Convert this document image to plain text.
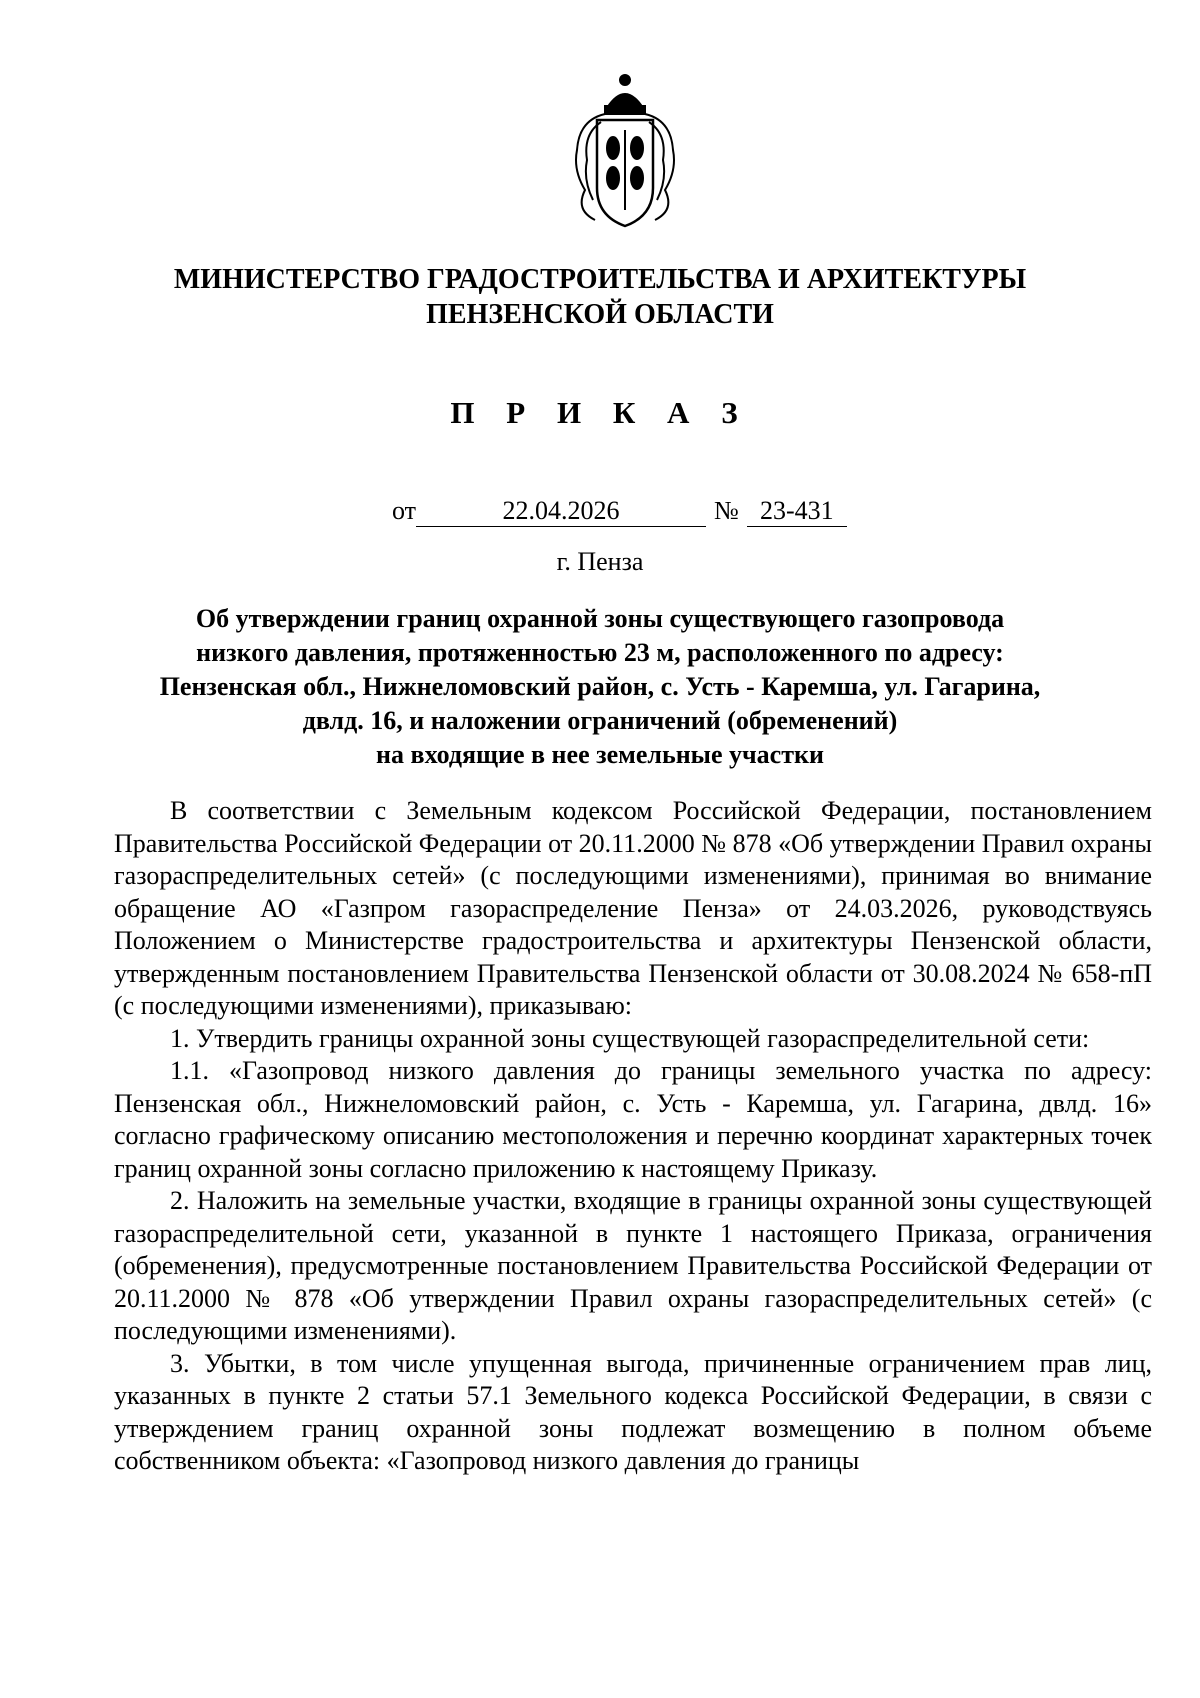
МИНИСТЕРСТВО ГРАДОСТРОИТЕЛЬСТВА И АРХИТЕКТУРЫ
ПЕНЗЕНСКОЙ ОБЛАСТИ
П Р И К А З
от	22.04.2026	№ 23-431
г. Пенза
Об утверждении границ охранной зоны существующего газопровода
низкого давления, протяженностью 23 м, расположенного по адресу:
Пензенская обл., Нижнеломовский район, с. Усть - Каремша, ул. Гагарина,
двлд. 16, и наложении ограничений (обременений)
на входящие в нее земельные участки

В соответствии с Земельным кодексом Российской Федерации, постановлением Правительства Российской Федерации от 20.11.2000 № 878 «Об утверждении Правил охраны газораспределительных сетей» (с последующими изменениями), принимая во внимание обращение АО «Газпром газораспределение Пенза» от 24.03.2026, руководствуясь Положением о Министерстве градостроительства и архитектуры Пензенской области, утвержденным постановлением Правительства Пензенской области от 30.08.2024 № 658-пП (с последующими изменениями), приказываю:

1. Утвердить границы охранной зоны существующей газораспределительной сети:

1.1. «Газопровод низкого давления до границы земельного участка по адресу: Пензенская обл., Нижнеломовский район, с. Усть - Каремша, ул. Гагарина, двлд. 16» согласно графическому описанию местоположения и перечню координат характерных точек границ охранной зоны согласно приложению к настоящему Приказу.

2. Наложить на земельные участки, входящие в границы охранной зоны существующей газораспределительной сети, указанной в пункте 1 настоящего Приказа, ограничения (обременения), предусмотренные постановлением Правительства Российской Федерации от 20.11.2000 № 878 «Об утверждении Правил охраны газораспределительных сетей» (с последующими изменениями).

3. Убытки, в том числе упущенная выгода, причиненные ограничением прав лиц, указанных в пункте 2 статьи 57.1 Земельного кодекса Российской Федерации, в связи с утверждением границ охранной зоны подлежат возмещению в полном объеме собственником объекта: «Газопровод низкого давления до границы
